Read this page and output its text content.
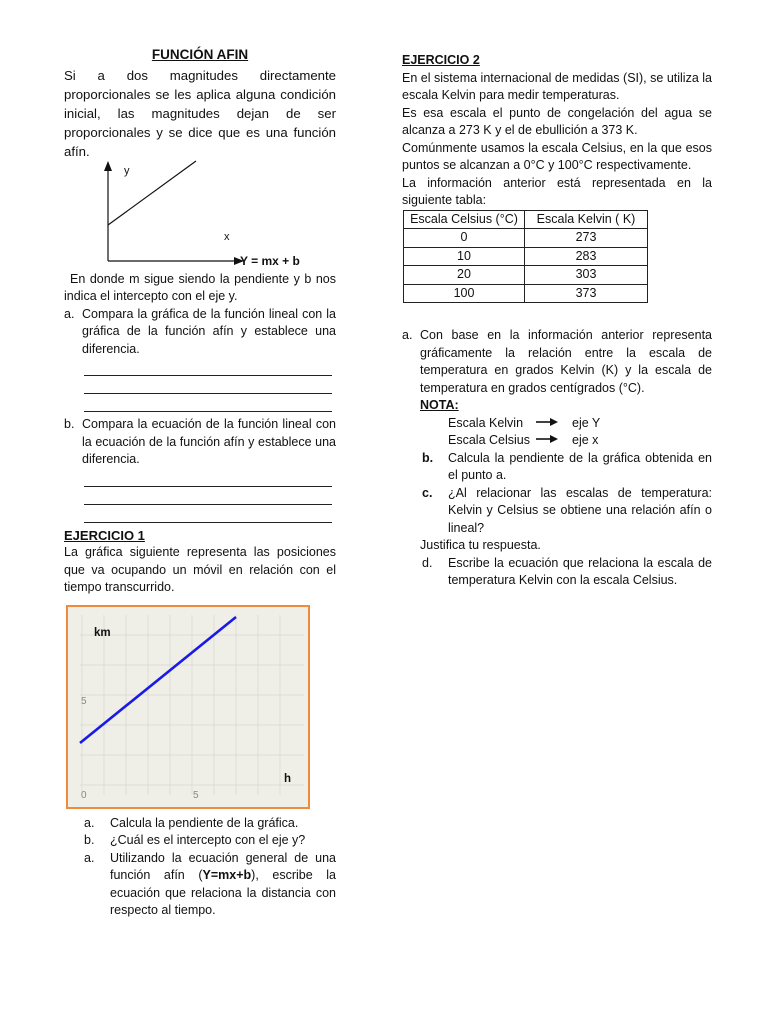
FUNCIÓN AFIN

Si a dos magnitudes directamente proporcionales se les aplica alguna condición inicial, las magnitudes dejan de ser proporcionales y se dice que es una función afín.

y
x
Y = mx + b

En donde m sigue siendo la pendiente y b nos indica el intercepto con el eje y.

a. Compara la gráfica de la función lineal con la gráfica de la función afín y establece una diferencia.
b. Compara la ecuación de la función lineal con la ecuación de la función afín y establece una diferencia.

EJERCICIO 1

La gráfica siguiente representa las posiciones que va ocupando un móvil en relación con el tiempo transcurrido.

km
h
0
5
5
a.	Calcula la pendiente de la gráfica.
b.	¿Cuál es el intercepto con el eje y?
a.	Utilizando la ecuación general de una función afín (Y=mx+b), escribe la ecuación que relaciona la distancia con respecto al tiempo.

EJERCICIO 2

En el sistema internacional de medidas (SI), se utiliza la escala Kelvin para medir temperaturas.

Es esa escala el punto de congelación del agua se alcanza a 273 K y el de ebullición a 373 K.

Comúnmente usamos la escala Celsius, en la que esos puntos se alcanzan a 0°C y 100°C respectivamente.

La información anterior está representada en la siguiente tabla:

Escala Celsius (°C)	Escala Kelvin ( K)
0	273
10	283
20	303
100	373
a. Con base en la información anterior representa gráficamente la relación entre la escala de temperatura en grados Kelvin (K) y la escala de temperatura en grados centígrados (°C).

NOTA:

Escala Kelvin	eje Y
Escala Celsius	eje x
b.	Calcula la pendiente de la gráfica obtenida en el punto a.
c.	¿Al relacionar las escalas de temperatura: Kelvin y Celsius se obtiene una relación afín o lineal?

Justifica tu respuesta.

d.	Escribe la ecuación que relaciona la escala de temperatura Kelvin con la escala Celsius.
